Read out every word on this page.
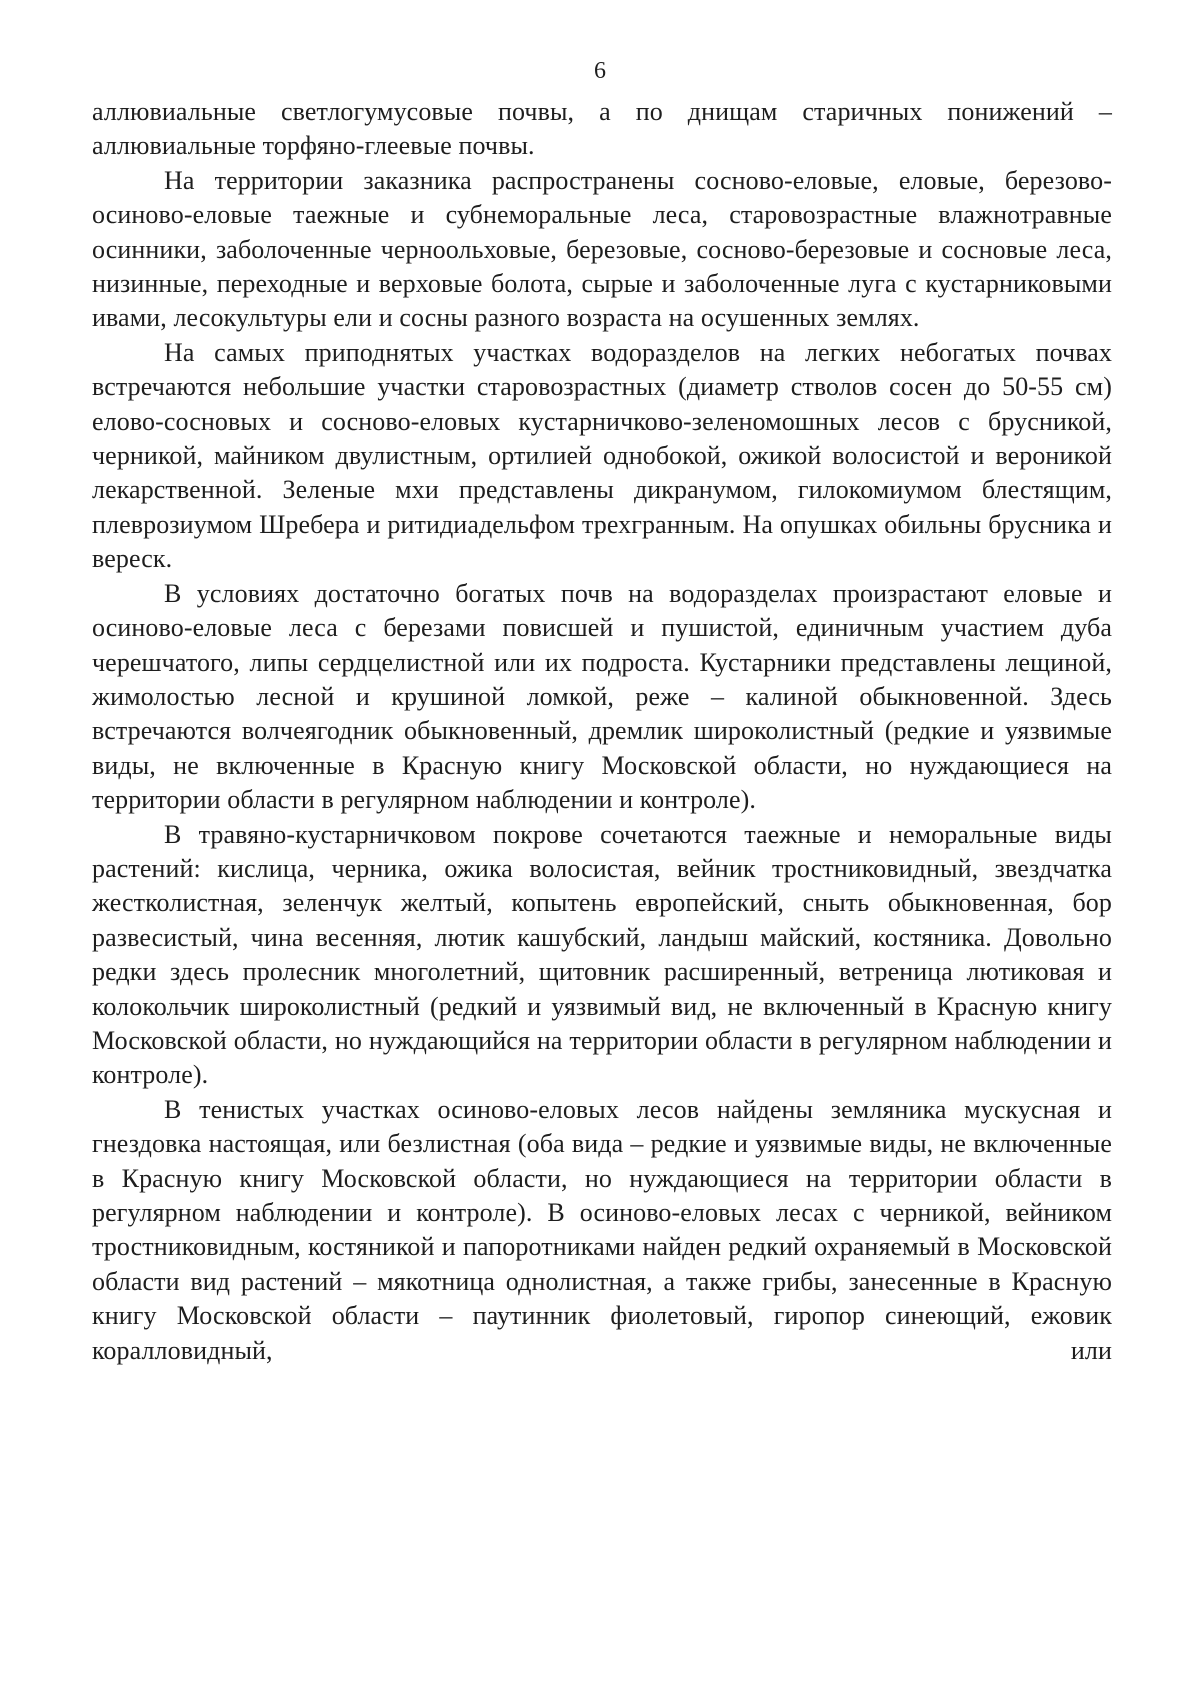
6

аллювиальные светлогумусовые почвы, а по днищам старичных понижений – аллювиальные торфяно-глеевые почвы.

На территории заказника распространены сосново-еловые, еловые, березово-осиново-еловые таежные и субнеморальные леса, старовозрастные влажнотравные осинники, заболоченные черноольховые, березовые, сосново-березовые и сосновые леса, низинные, переходные и верховые болота, сырые и заболоченные луга с кустарниковыми ивами, лесокультуры ели и сосны разного возраста на осушенных землях.

На самых приподнятых участках водоразделов на легких небогатых почвах встречаются небольшие участки старовозрастных (диаметр стволов сосен до 50-55 см) елово-сосновых и сосново-еловых кустарничково-зеленомошных лесов с брусникой, черникой, майником двулистным, ортилией однобокой, ожикой волосистой и вероникой лекарственной. Зеленые мхи представлены дикранумом, гилокомиумом блестящим, плеврозиумом Шребера и ритидиадельфом трехгранным. На опушках обильны брусника и вереск.

В условиях достаточно богатых почв на водоразделах произрастают еловые и осиново-еловые леса с березами повисшей и пушистой, единичным участием дуба черешчатого, липы сердцелистной или их подроста. Кустарники представлены лещиной, жимолостью лесной и крушиной ломкой, реже – калиной обыкновенной. Здесь встречаются волчеягодник обыкновенный, дремлик широколистный (редкие и уязвимые виды, не включенные в Красную книгу Московской области, но нуждающиеся на территории области в регулярном наблюдении и контроле).

В травяно-кустарничковом покрове сочетаются таежные и неморальные виды растений: кислица, черника, ожика волосистая, вейник тростниковидный, звездчатка жестколистная, зеленчук желтый, копытень европейский, сныть обыкновенная, бор развесистый, чина весенняя, лютик кашубский, ландыш майский, костяника. Довольно редки здесь пролесник многолетний, щитовник расширенный, ветреница лютиковая и колокольчик широколистный (редкий и уязвимый вид, не включенный в Красную книгу Московской области, но нуждающийся на территории области в регулярном наблюдении и контроле).

В тенистых участках осиново-еловых лесов найдены земляника мускусная и гнездовка настоящая, или безлистная (оба вида – редкие и уязвимые виды, не включенные в Красную книгу Московской области, но нуждающиеся на территории области в регулярном наблюдении и контроле). В осиново-еловых лесах с черникой, вейником тростниковидным, костяникой и папоротниками найден редкий охраняемый в Московской области вид растений – мякотница однолистная, а также грибы, занесенные в Красную книгу Московской области – паутинник фиолетовый, гиропор синеющий, ежовик коралловидный, или
